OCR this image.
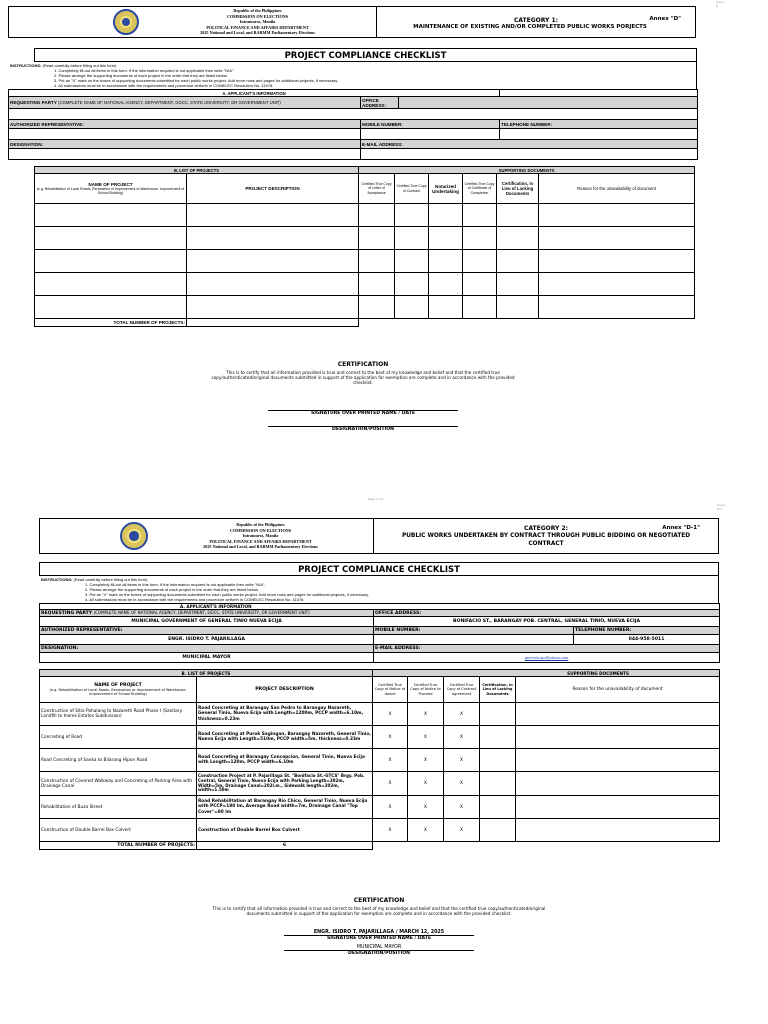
Annex D
Republic of the Philippines
COMMISSION ON ELECTIONS
Intramuros, Manila
POLITICAL FINANCE AND AFFAIRS DEPARTMENT
2025 National and Local, and BARMM Parliamentary Elections
CATEGORY 1:	Annex "D"
MAINTENANCE OF EXISTING AND/OR COMPLETED PUBLIC WORKS PORJECTS
PROJECT COMPLIANCE CHECKLIST
INSTRUCTIONS: (Read carefully before filling out this form)
1. Completely fill-out all items in this form. If the information required is not applicable then write "N/A".
2. Please arrange the supporting documents of each project in the order that they are listed below.
3. Put an "X" mark on the boxes of supporting documents submitted for each public works project. Add more rows and pages for additional projects, if necessary.
4. All submissions must be in accordance with the requirements and procedure setforth in COMELEC Resolution No. 11078.
A. APPLICANT'S INFORMATION			
REQUESTING PARTY (COMPLETE NAME OF NATIONAL AGENCY, DEPARTMENT, GOCC, STATE UNIVERSITY, OR GOVERNMENT UNIT)	OFFICE ADDRESS:		

AUTHORIZED REPRESENTATIVE:	MOBILE NUMBER:		TELEPHONE NUMBER:

DESIGNATION:	E-MAIL ADDRESS:		

B. LIST OF PROJECTS		SUPPORTING DOCUMENTS					

NAME OF PROJECT
(e.g. Rehabilitation of Local Roads, Renovation or Improvement of Warehouse, Improvement of School Building)	PROJECT DESCRIPTION	Certified True Copy of Letter of Acceptance	Certified True Copy of Contract	Notarized Undertaking	Certified True Copy of Certificate of Completion	Certification, in Lieu of Lacking Documents	Reason for the unavailability of document

TOTAL NUMBER OF PROJECTS:							
CERTIFICATION
This is to certify that all information provided is true and correct to the best of my knowledge and belief and that the certified true copy/authenticated/original documents submitted in support of the application for exemption are complete and in accordance with the provided checklist.
SIGNATURE OVER PRINTED NAME / DATE
DESIGNATION/POSITION
Page 1 of 1
Annex D-1
Republic of the Philippines
COMMISSION ON ELECTIONS
Intramuros, Manila
POLITICAL FINANCE AND AFFAIRS DEPARTMENT
2025 National and Local, and BARMM Parliamentary Elections
CATEGORY 2:	Annex "D-1"
PUBLIC WORKS UNDERTAKEN BY CONTRACT THROUGH PUBLIC BIDDING OR NEGOTIATED CONTRACT
PROJECT COMPLIANCE CHECKLIST
INSTRUCTIONS: (Read carefully before filling out this form)
1. Completely fill-out all items in this form. If the information required is not applicable then write "N/A".
2. Please arrange the supporting documents of each project in the order that they are listed below.
3. Put an "X" mark on the boxes of supporting documents submitted for each public works project. Add more rows and pages for additional projects, if necessary.
4. All submissions must be in accordance with the requirements and procedure setforth in COMELEC Resolution No. 11078.
A. APPLICANT'S INFORMATION		
REQUESTING PARTY (COMPLETE NAME OF NATIONAL AGENCY, DEPARTMENT, GOCC, STATE UNIVERSITY, OR GOVERNMENT UNIT)	OFFICE ADDRESS:	
MUNICIPAL GOVERNMENT OF GENERAL TINIO NUEVA ECIJA	BONIFACIO ST., BARANGAY POB. CENTRAL, GENERAL TINIO, NUEVA ECIJA	
AUTHORIZED REPRESENTATIVE:	MOBILE NUMBER:	TELEPHONE NUMBER:
ENGR. ISIDRO T. PAJARILLAGA		044-958-5011
DESIGNATION:	E-MAIL ADDRESS:	
MUNICIPAL MAYOR	gentinio.lgu@yahoo.com	
B. LIST OF PROJECTS		SUPPORTING DOCUMENTS				

NAME OF PROJECT
(e.g. Rehabilitation of Local Roads, Renovation or Improvement of Warehouse, Improvement of School Building)	PROJECT DESCRIPTION	Certified True Copy of Notice of Award	Certified True Copy of Notice to Proceed	Certified True Copy of Contract Agreement	Certification, in Lieu of Lacking Documents	Reason for the unavailability of document
Construction of Sitio Pahalang to Nazareth Road Phase I (Sanitary Landfill to Ineres Estates Subdivision)	Road Concreting at Barangay San Pedro to Barangay Nazareth, General Tinio, Nueva Ecija with Length=1200m, PCCP width=6.10m, thickness=0.23m	X	X	X		
Concreting of Road	Road Concreting at Purok Sagingan, Barangay Nazareth, General Tinio, Nueva Ecija with Length=510m, PCCP width=5m, thickness=0.23m	X	X	X		
Road Concreting of Sanka to Bilarang Hipon Road	Road Concreting at Barangay Concepcion, General Tinio, Nueva Ecija with Length=120m, PCCP width=6.10m	X	X	X		
Construction of Covered Walkway and Concreting of Parking Area with Drainage Canal	Construction Project at P. Pajarillaga St. "Bonifacio St.-GTCS" Brgy. Pob. Central, General Tinio, Nueva Ecija with Parking Length=202m, Width=5m, Drainage Canal=202l.m., Sidewalk length=202m, width=1.50m	X	X	X		
Rehabilitation of Buza Street	Road Rehabilitation at Barangay Rio Chico, General Tinio, Nueva Ecija with PCCP=180 lm, Average Road width=7m, Drainage Canal "Top Cover"=80 lm	X	X	X		
Construction of Double Barrel Box Culvert	Construction of Double Barrel Box Culvert	X	X	X		
TOTAL NUMBER OF PROJECTS:	6					
CERTIFICATION
This is to certify that all information provided is true and correct to the best of my knowledge and belief and that the certified true copy/authenticated/original documents submitted in support of the application for exemption are complete and in accordance with the provided checklist.
ENGR. ISIDRO T. PAJARILLAGA / MARCH 12, 2025
SIGNATURE OVER PRINTED NAME / DATE
MUNICIPAL MAYOR
DESIGNATION/POSITION
